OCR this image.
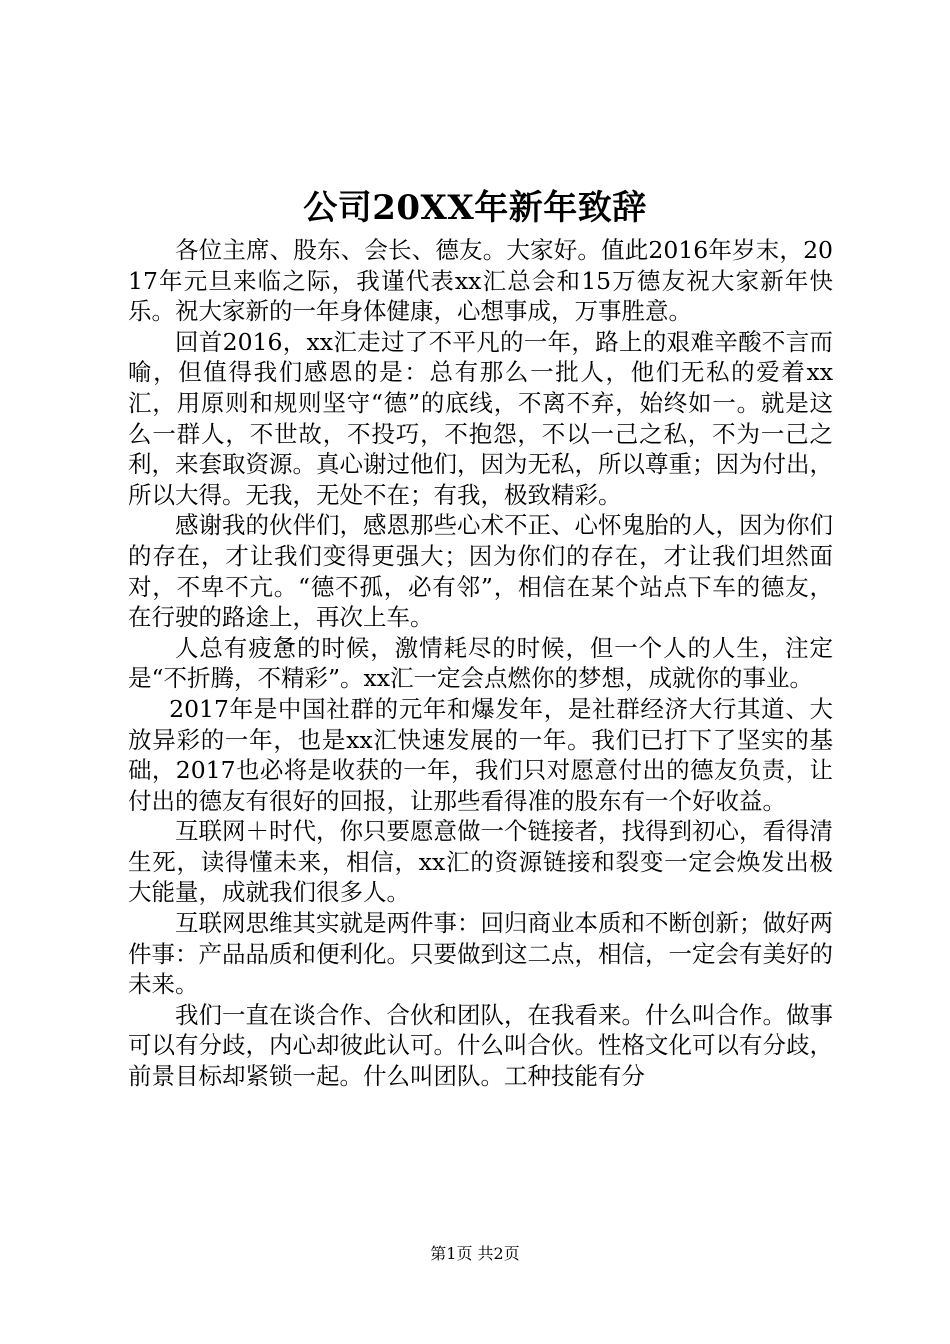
公司20XX年新年致辞

各位主席、股东、会长、德友。大家好。值此2016年岁末，2017年元旦来临之际，我谨代表xx汇总会和15万德友祝大家新年快乐。祝大家新的一年身体健康，心想事成，万事胜意。

回首2016，xx汇走过了不平凡的一年，路上的艰难辛酸不言而喻，但值得我们感恩的是：总有那么一批人，他们无私的爱着xx汇，用原则和规则坚守“德”的底线，不离不弃，始终如一。就是这么一群人，不世故，不投巧，不抱怨，不以一己之私，不为一己之利，来套取资源。真心谢过他们，因为无私，所以尊重；因为付出，所以大得。无我，无处不在；有我，极致精彩。

感谢我的伙伴们，感恩那些心术不正、心怀鬼胎的人，因为你们的存在，才让我们变得更强大；因为你们的存在，才让我们坦然面对，不卑不亢。“德不孤，必有邻”，相信在某个站点下车的德友，在行驶的路途上，再次上车。

人总有疲惫的时候，激情耗尽的时候，但一个人的人生，注定是“不折腾，不精彩”。xx汇一定会点燃你的梦想，成就你的事业。

2017年是中国社群的元年和爆发年，是社群经济大行其道、大放异彩的一年，也是xx汇快速发展的一年。我们已打下了坚实的基础，2017也必将是收获的一年，我们只对愿意付出的德友负责，让付出的德友有很好的回报，让那些看得准的股东有一个好收益。

互联网＋时代，你只要愿意做一个链接者，找得到初心，看得清生死，读得懂未来，相信，xx汇的资源链接和裂变一定会焕发出极大能量，成就我们很多人。

互联网思维其实就是两件事：回归商业本质和不断创新；做好两件事：产品品质和便利化。只要做到这二点，相信，一定会有美好的未来。

我们一直在谈合作、合伙和团队，在我看来。什么叫合作。做事可以有分歧，内心却彼此认可。什么叫合伙。性格文化可以有分歧，前景目标却紧锁一起。什么叫团队。工种技能有分

第1页 共2页
